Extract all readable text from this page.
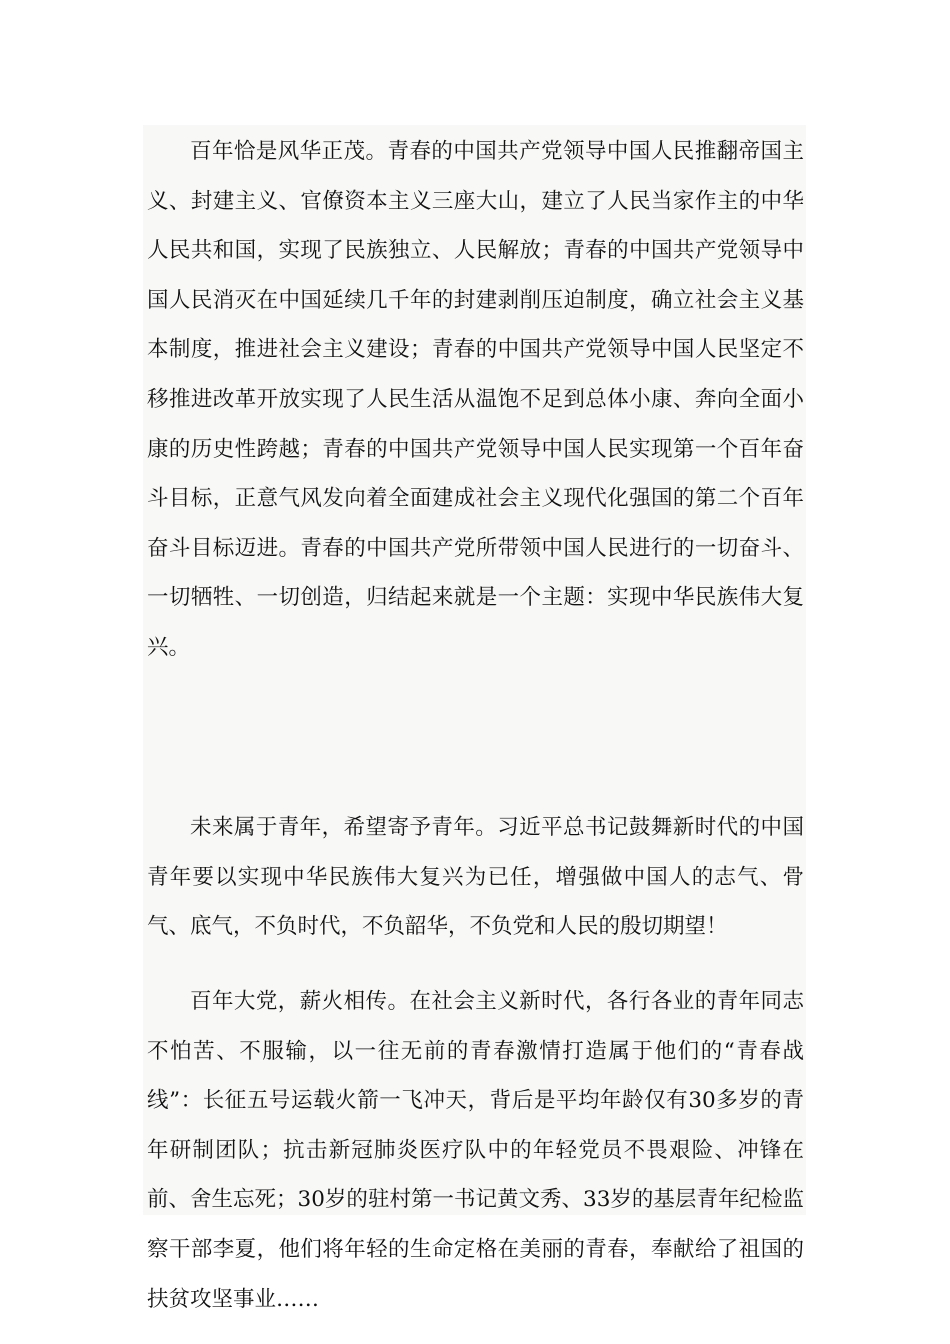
百年恰是风华正茂。青春的中国共产党领导中国人民推翻帝国主义、封建主义、官僚资本主义三座大山，建立了人民当家作主的中华人民共和国，实现了民族独立、人民解放；青春的中国共产党领导中国人民消灭在中国延续几千年的封建剥削压迫制度，确立社会主义基本制度，推进社会主义建设；青春的中国共产党领导中国人民坚定不移推进改革开放实现了人民生活从温饱不足到总体小康、奔向全面小康的历史性跨越；青春的中国共产党领导中国人民实现第一个百年奋斗目标，正意气风发向着全面建成社会主义现代化强国的第二个百年奋斗目标迈进。青春的中国共产党所带领中国人民进行的一切奋斗、一切牺牲、一切创造，归结起来就是一个主题：实现中华民族伟大复兴。

未来属于青年，希望寄予青年。习近平总书记鼓舞新时代的中国青年要以实现中华民族伟大复兴为已任，增强做中国人的志气、骨气、底气，不负时代，不负韶华，不负党和人民的殷切期望！

百年大党，薪火相传。在社会主义新时代，各行各业的青年同志不怕苦、不服输，以一往无前的青春激情打造属于他们的“青春战线”：长征五号运载火箭一飞冲天，背后是平均年龄仅有30多岁的青年研制团队；抗击新冠肺炎医疗队中的年轻党员不畏艰险、冲锋在前、舍生忘死；30岁的驻村第一书记黄文秀、33岁的基层青年纪检监察干部李夏，他们将年轻的生命定格在美丽的青春，奉献给了祖国的扶贫攻坚事业……
